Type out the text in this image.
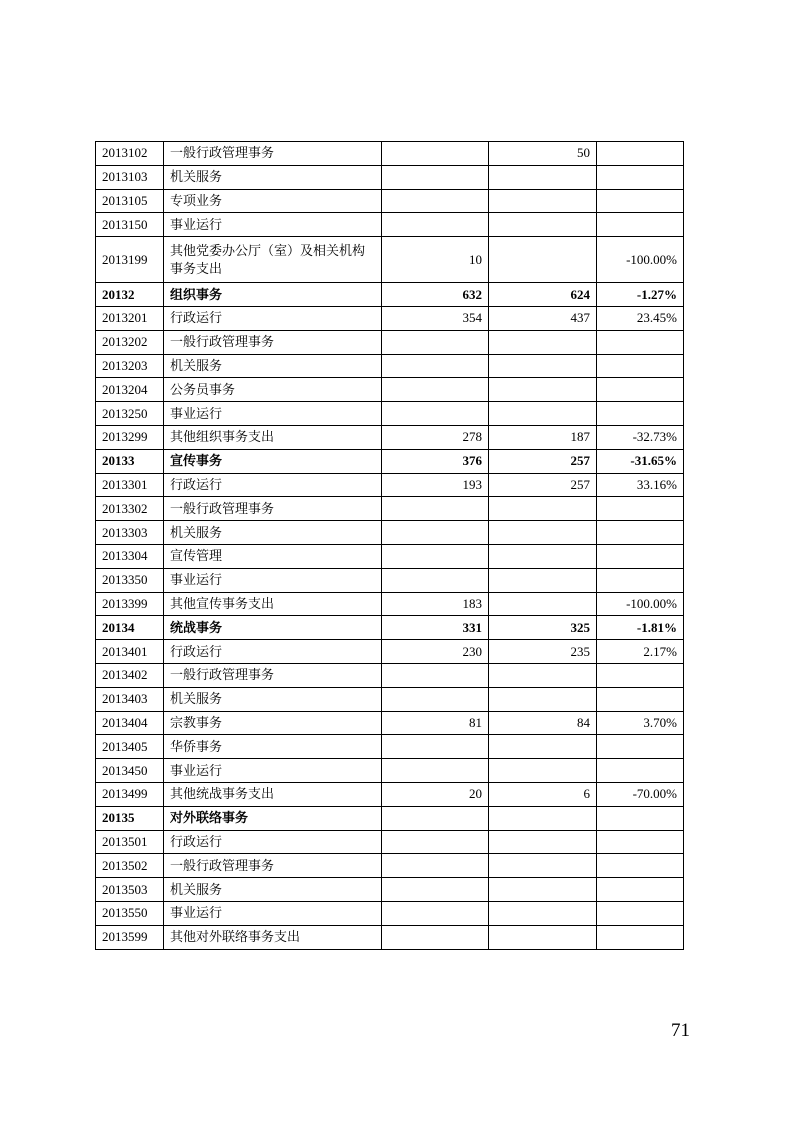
2013102	一般行政管理事务		50	
2013103	机关服务			
2013105	专项业务			
2013150	事业运行			
2013199	其他党委办公厅（室）及相关机构事务支出	10		-100.00%
20132	组织事务	632	624	-1.27%
2013201	行政运行	354	437	23.45%
2013202	一般行政管理事务			
2013203	机关服务			
2013204	公务员事务			
2013250	事业运行			
2013299	其他组织事务支出	278	187	-32.73%
20133	宣传事务	376	257	-31.65%
2013301	行政运行	193	257	33.16%
2013302	一般行政管理事务			
2013303	机关服务			
2013304	宣传管理			
2013350	事业运行			
2013399	其他宣传事务支出	183		-100.00%
20134	统战事务	331	325	-1.81%
2013401	行政运行	230	235	2.17%
2013402	一般行政管理事务			
2013403	机关服务			
2013404	宗教事务	81	84	3.70%
2013405	华侨事务			
2013450	事业运行			
2013499	其他统战事务支出	20	6	-70.00%
20135	对外联络事务			
2013501	行政运行			
2013502	一般行政管理事务			
2013503	机关服务			
2013550	事业运行			
2013599	其他对外联络事务支出			
71
